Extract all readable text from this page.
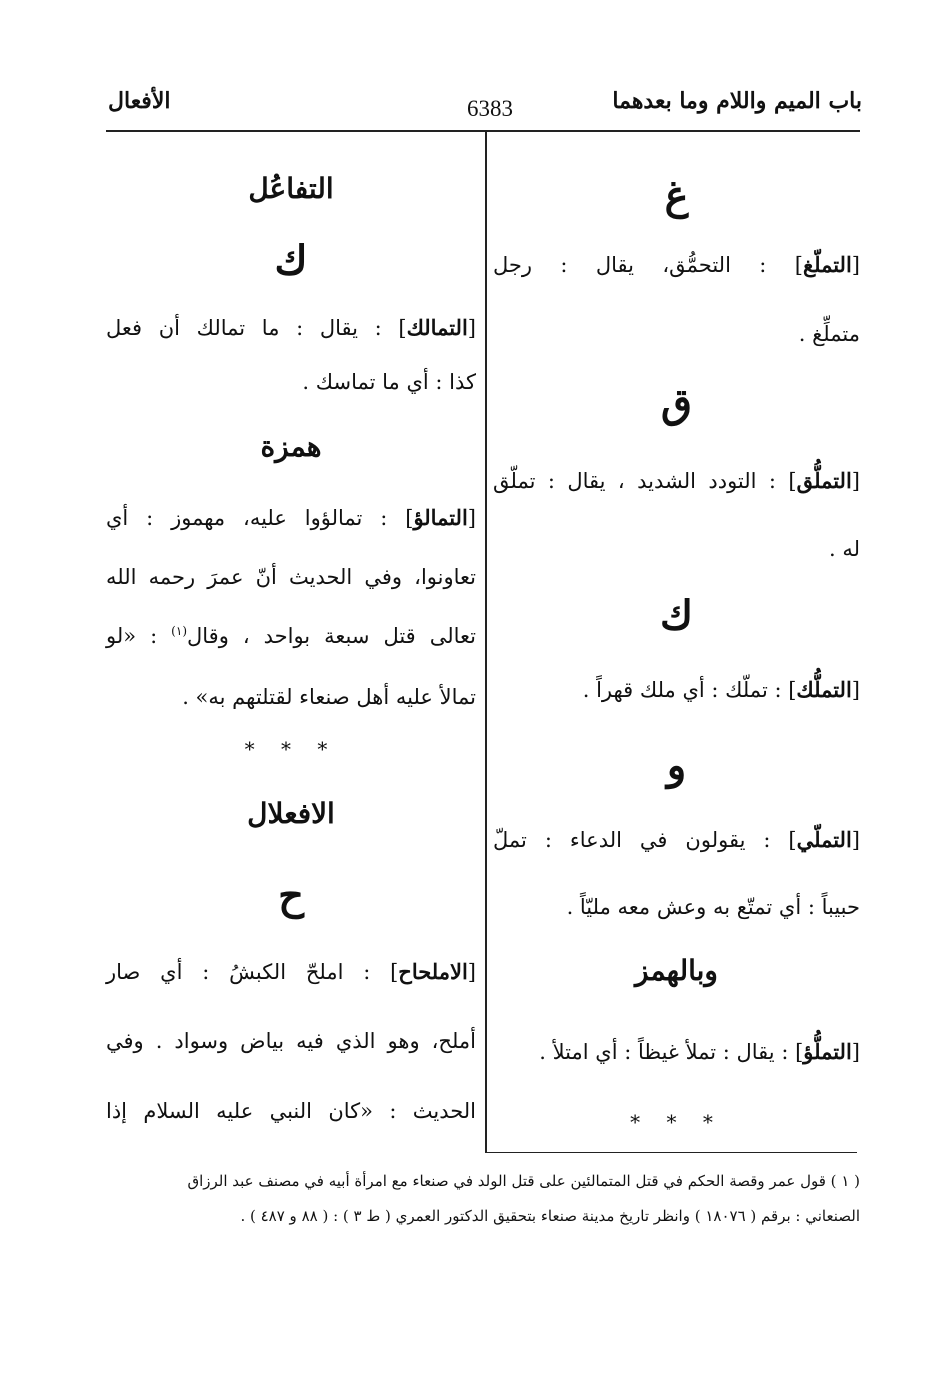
باب الميم واللام وما بعدهما
6383
الأفعال
غ
[التملّغ] : التحمُّق، يقال : رجل
متملِّغ .
ق
[التملُّق] : التودد الشديد ، يقال : تملّق
له .
ك
[التملُّك] : تملّك : أي ملك قهراً .
و
[التملّي] : يقولون في الدعاء : تملّ
حبيباً : أي تمتّع به وعش معه مليّاً .
وبالهمز
[التملُّؤ] : يقال : تملأ غيظاً : أي امتلأ .
* * *
التفاعُل
ك
[التمالك] : يقال : ما تمالك أن فعل
كذا : أي ما تماسك .
همزة
[التمالؤ] : تمالؤوا عليه، مهموز : أي
تعاونوا، وفي الحديث أنّ عمرَ رحمه الله
تعالى قتل سبعة بواحد ، وقال$^{(١)}$ : «لو
تمالأ عليه أهل صنعاء لقتلتهم به» .
* * *
الافعلال
ح
[الاملحاح] : املحّ الكبشُ : أي صار
أملح، وهو الذي فيه بياض وسواد . وفي
الحديث : «كان النبي عليه السلام إذا
( ١ ) قول عمر وقصة الحكم في قتل المتمالئين على قتل الولد في صنعاء مع امرأة أبيه في مصنف عبد الرزاق
الصنعاني : برقم ( ١٨٠٧٦ ) وانظر تاريخ مدينة صنعاء بتحقيق الدكتور العمري ( ط ٣ ) : ( ٨٨ و ٤٨٧ ) .
